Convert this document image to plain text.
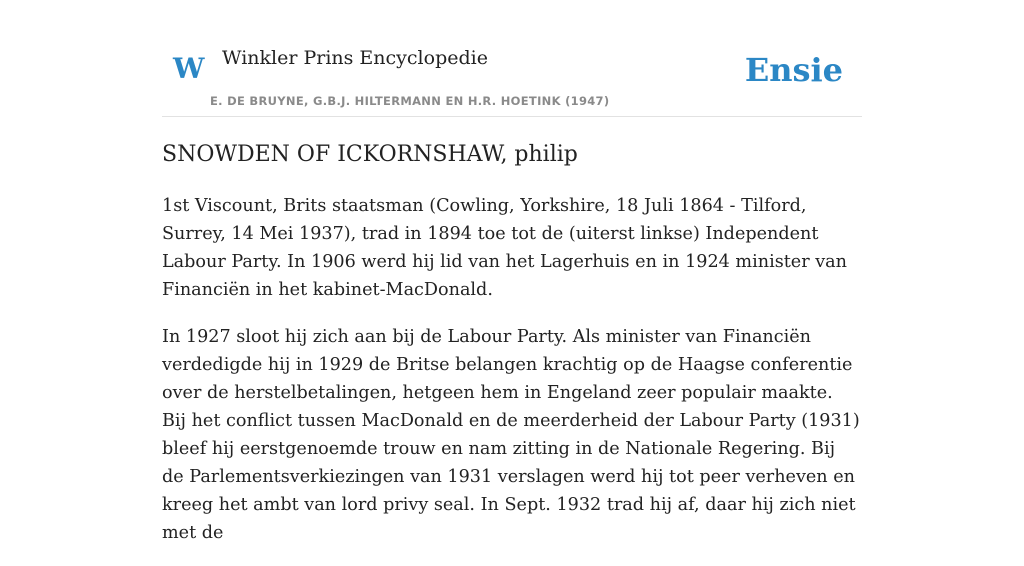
W Winkler Prins Encyclopedie
E. DE BRUYNE, G.B.J. HILTERMANN EN H.R. HOETINK (1947)
Ensie
SNOWDEN OF ICKORNSHAW, philip

1st Viscount, Brits staatsman (Cowling, Yorkshire, 18 Juli 1864 - Tilford, Surrey, 14 Mei 1937), trad in 1894 toe tot de (uiterst linkse) Independent Labour Party. In 1906 werd hij lid van het Lagerhuis en in 1924 minister van Financiën in het kabinet-MacDonald.

In 1927 sloot hij zich aan bij de Labour Party. Als minister van Financiën verdedigde hij in 1929 de Britse belangen krachtig op de Haagse conferentie over de herstelbetalingen, hetgeen hem in Engeland zeer populair maakte. Bij het conflict tussen MacDonald en de meerderheid der Labour Party (1931) bleef hij eerstgenoemde trouw en nam zitting in de Nationale Regering. Bij de Parlementsverkiezingen van 1931 verslagen werd hij tot peer verheven en kreeg het ambt van lord privy seal. In Sept. 1932 trad hij af, daar hij zich niet met de
